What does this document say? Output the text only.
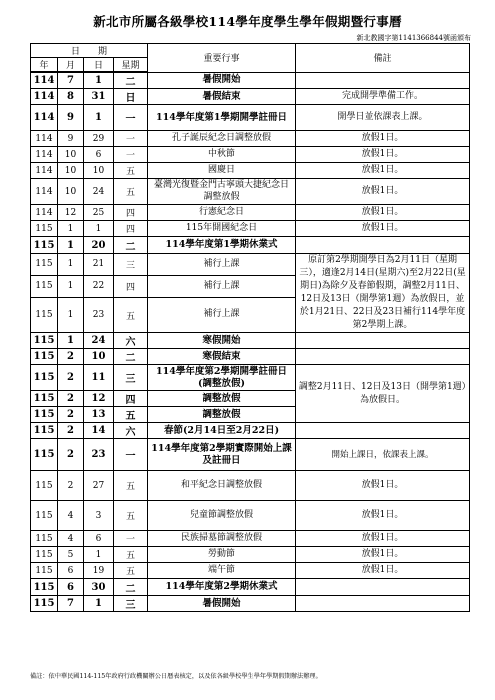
新北市所屬各級學校114學年度學生學年假期暨行事曆
新北教國字第1141366844號函頒布
日　　期				重要行事	備註
年	月	日	星期		
114	7	1	二	暑假開始	
114	8	31	日	暑假結束	完成開學準備工作。
114	9	1	一	114學年度第1學期開學註冊日	開學日並依課表上課。
114	9	29	一	孔子誕辰紀念日調整放假	放假1日。
114	10	6	一	中秋節	放假1日。
114	10	10	五	國慶日	放假1日。
114	10	24	五	臺灣光復暨金門古寧頭大捷紀念日調整放假	放假1日。
114	12	25	四	行憲紀念日	放假1日。
115	1	1	四	115年開國紀念日	放假1日。
115	1	20	二	114學年度第1學期休業式	
115	1	21	三	補行上課	原訂第2學期開學日為2月11日（星期三），適逢2月14日(星期六)至2月22日(星期日)為除夕及春節假期，調整2月11日、12日及13日（開學第1週）為放假日，並於1月21日、22日及23日補行114學年度第2學期上課。
115	1	22	四	補行上課	
115	1	23	五	補行上課	
115	1	24	六	寒假開始	
115	2	10	二	寒假結束	
115	2	11	三	114學年度第2學期開學註冊日(調整放假)	調整2月11日、12日及13日（開學第1週）為放假日。
115	2	12	四	調整放假	
115	2	13	五	調整放假	
115	2	14	六	春節(2月14日至2月22日)	
115	2	23	一	114學年度第2學期實際開始上課及註冊日	開始上課日，依課表上課。
115	2	27	五	和平紀念日調整放假	放假1日。
115	4	3	五	兒童節調整放假	放假1日。
115	4	6	一	民族掃墓節調整放假	放假1日。
115	5	1	五	勞動節	放假1日。
115	6	19	五	端午節	放假1日。
115	6	30	二	114學年度第2學期休業式	
115	7	1	三	暑假開始	
備註：依中華民國114-115年政府行政機關辦公日曆表核定，以及依各級學校學生學年學期假期辦法辦理。
